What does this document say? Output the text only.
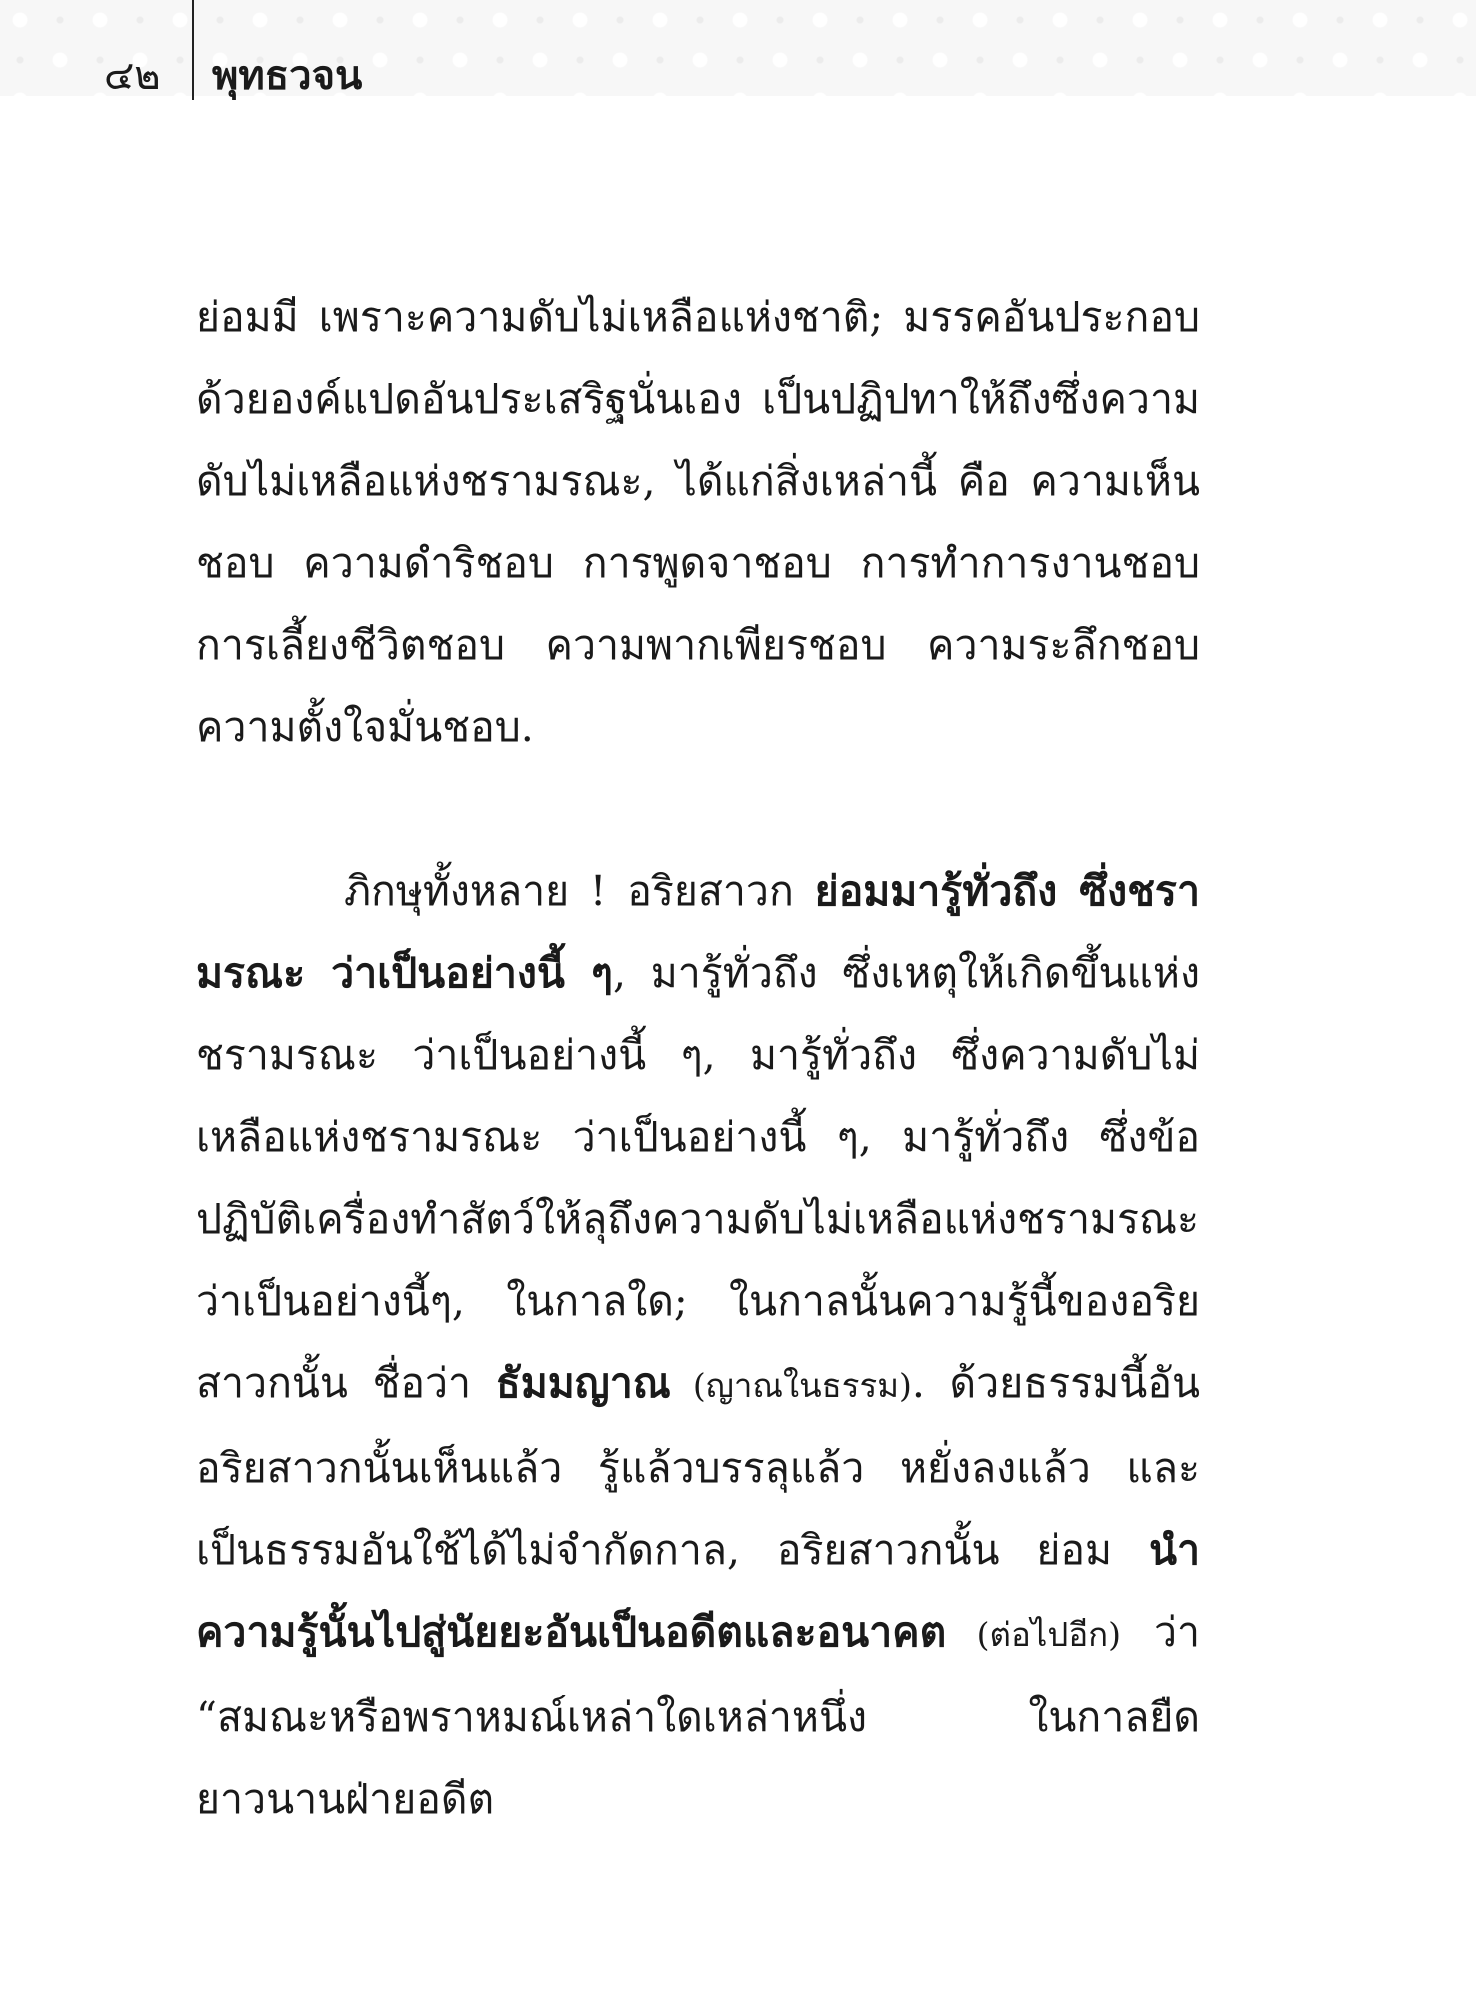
๔๒ พุทธวจน

ย่อมมี เพราะความดับไม่เหลือแห่งชาติ; มรรคอันประกอบด้วยองค์แปดอันประเสริฐนั่นเอง เป็นปฏิปทาให้ถึงซึ่งความดับไม่เหลือแห่งชรามรณะ, ได้แก่สิ่งเหล่านี้ คือ ความเห็นชอบ ความดำริชอบ การพูดจาชอบ การทำการงานชอบ การเลี้ยงชีวิตชอบ ความพากเพียรชอบ ความระลึกชอบ ความตั้งใจมั่นชอบ.

ภิกษุทั้งหลาย ! อริยสาวก ย่อมมารู้ทั่วถึง ซึ่งชรามรณะ ว่าเป็นอย่างนี้ ๆ, มารู้ทั่วถึง ซึ่งเหตุให้เกิดขึ้นแห่งชรามรณะ ว่าเป็นอย่างนี้ ๆ, มารู้ทั่วถึง ซึ่งความดับไม่เหลือแห่งชรามรณะ ว่าเป็นอย่างนี้ ๆ, มารู้ทั่วถึง ซึ่งข้อปฏิบัติเครื่องทำสัตว์ให้ลุถึงความดับไม่เหลือแห่งชรามรณะ ว่าเป็นอย่างนี้ๆ, ในกาลใด; ในกาลนั้นความรู้นี้ของอริยสาวกนั้น ชื่อว่า ธัมมญาณ (ญาณในธรรม). ด้วยธรรมนี้อันอริยสาวกนั้นเห็นแล้ว รู้แล้วบรรลุแล้ว หยั่งลงแล้ว และเป็นธรรมอันใช้ได้ไม่จำกัดกาล, อริยสาวกนั้น ย่อม นำความรู้นั้นไปสู่นัยยะอันเป็นอดีตและอนาคต (ต่อไปอีก) ว่า “สมณะหรือพราหมณ์เหล่าใดเหล่าหนึ่ง ในกาลยืดยาวนานฝ่ายอดีต
